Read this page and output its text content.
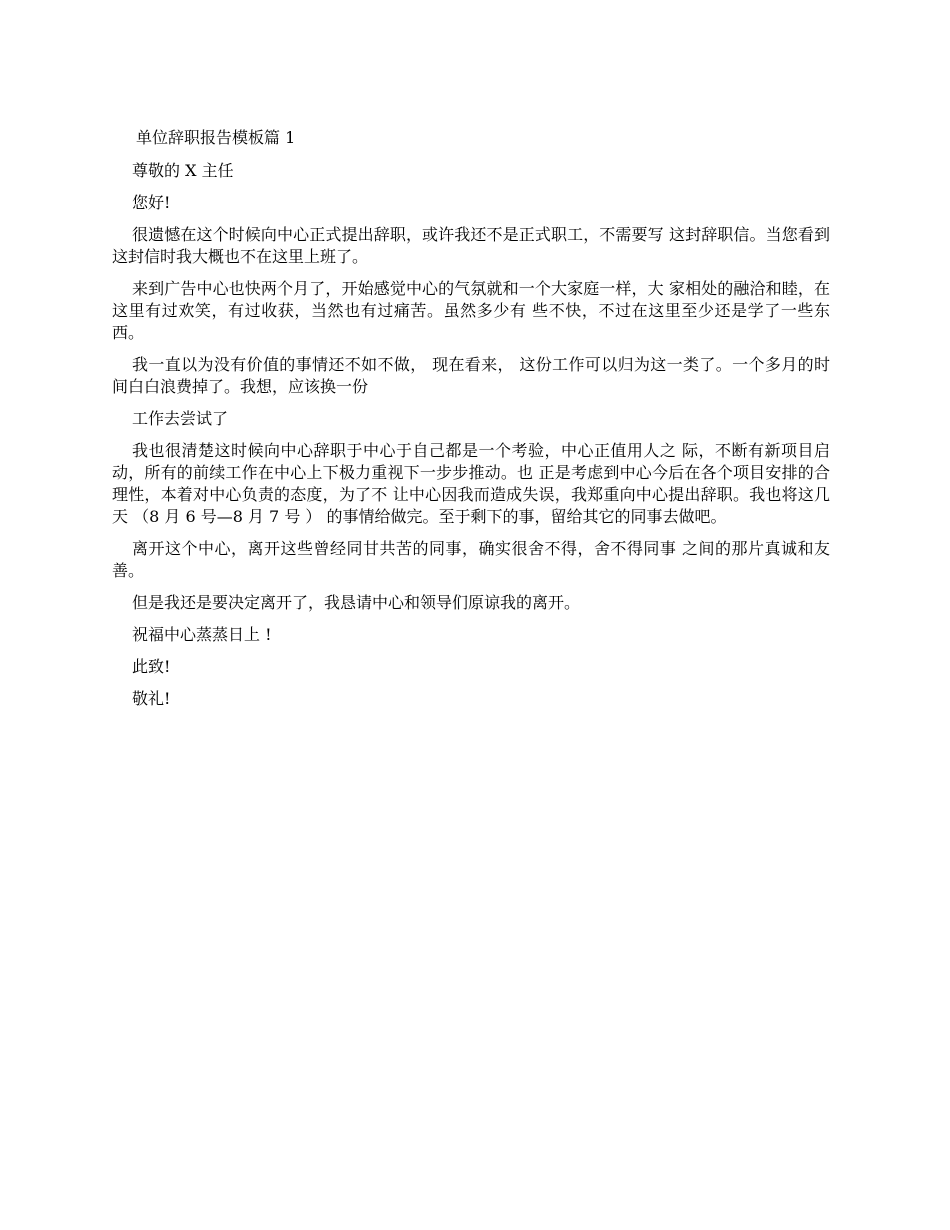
单位辞职报告模板篇 1

尊敬的 X 主任

您好!

很遗憾在这个时候向中心正式提出辞职，或许我还不是正式职工，不需要写 这封辞职信。当您看到这封信时我大概也不在这里上班了。

来到广告中心也快两个月了，开始感觉中心的气氛就和一个大家庭一样，大 家相处的融洽和睦，在这里有过欢笑，有过收获，当然也有过痛苦。虽然多少有 些不快，不过在这里至少还是学了一些东西。

我一直以为没有价值的事情还不如不做， 现在看来， 这份工作可以归为这一类了。一个多月的时间白白浪费掉了。我想，应该换一份

工作去尝试了

我也很清楚这时候向中心辞职于中心于自己都是一个考验，中心正值用人之 际，不断有新项目启动，所有的前续工作在中心上下极力重视下一步步推动。也 正是考虑到中心今后在各个项目安排的合理性，本着对中心负责的态度，为了不 让中心因我而造成失误，我郑重向中心提出辞职。我也将这几天 （8 月 6 号—8 月 7 号 ） 的事情给做完。至于剩下的事，留给其它的同事去做吧。

离开这个中心，离开这些曾经同甘共苦的同事，确实很舍不得，舍不得同事 之间的那片真诚和友善。

但是我还是要决定离开了，我恳请中心和领导们原谅我的离开。

祝福中心蒸蒸日上 !

此致!

敬礼!
